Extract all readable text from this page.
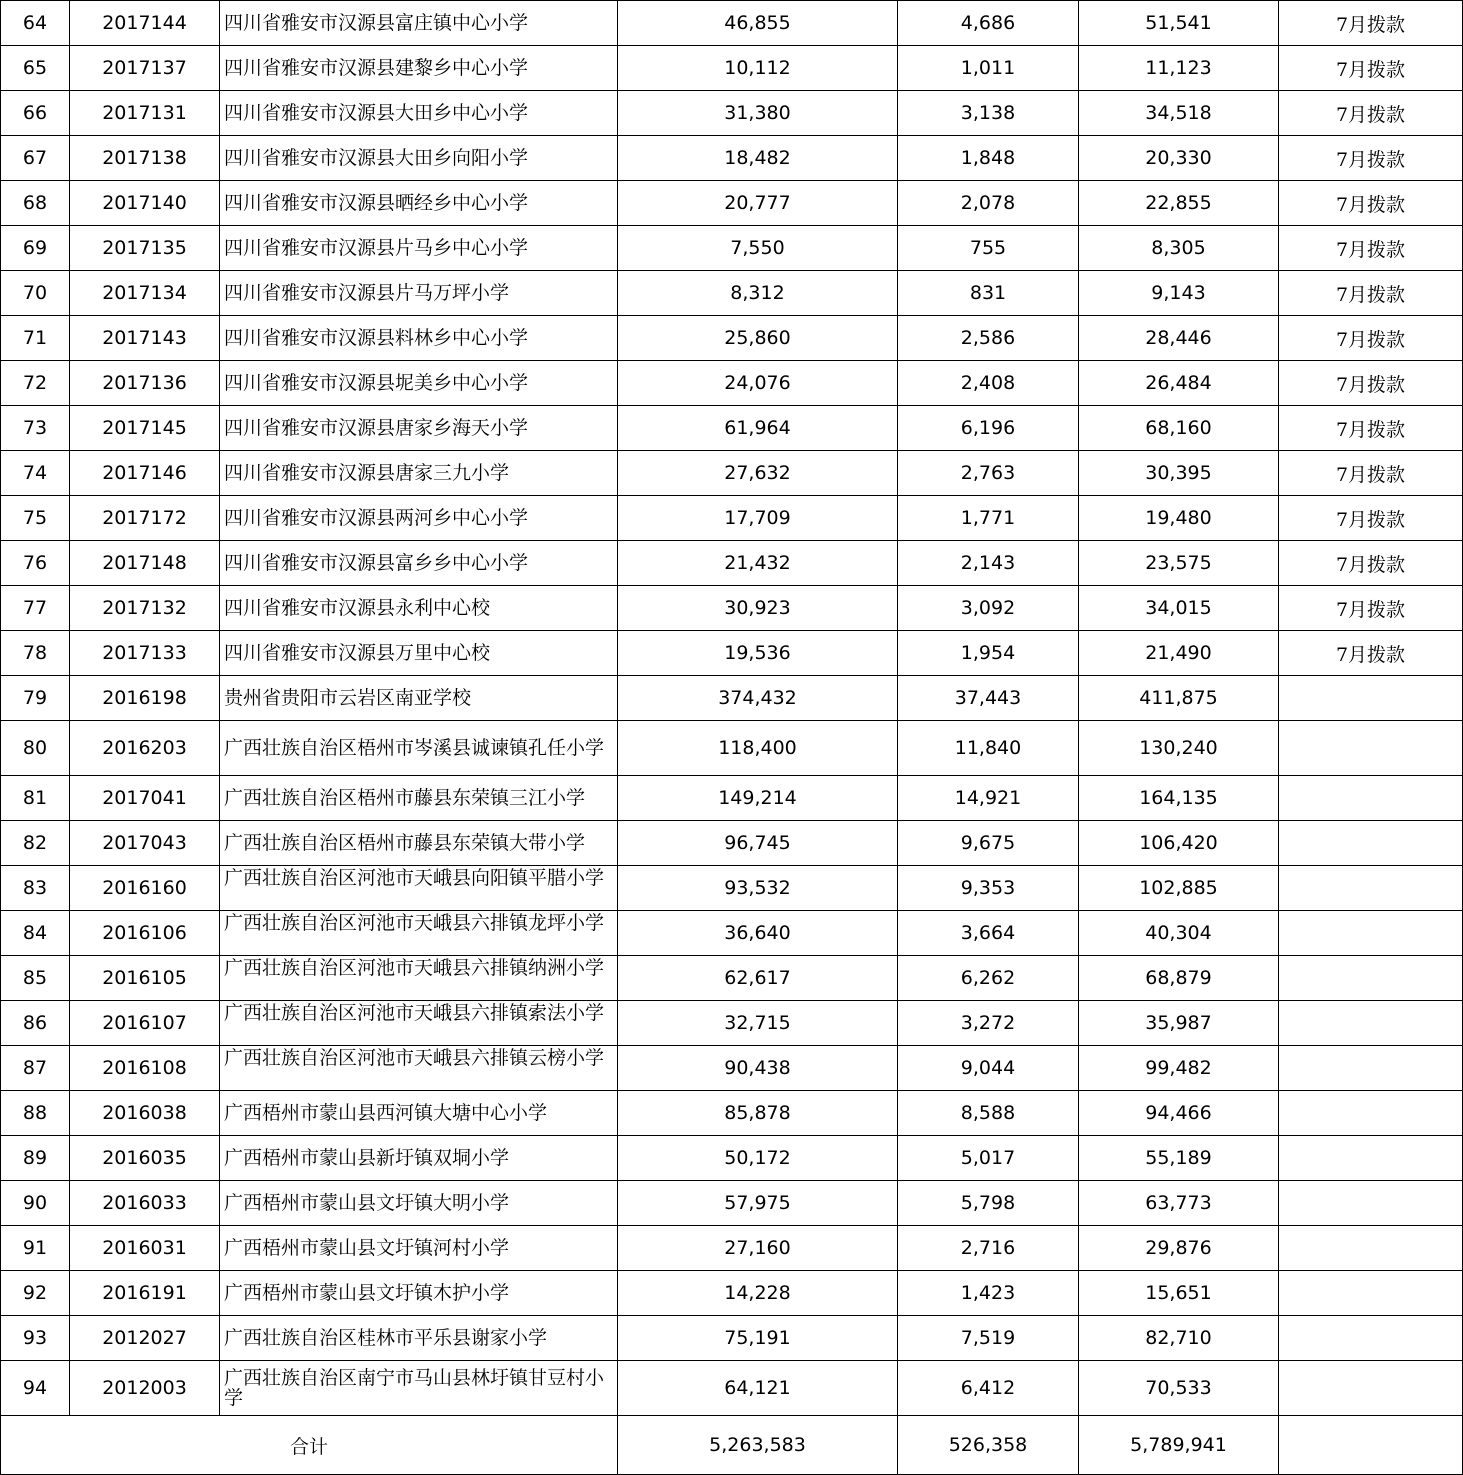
64	2017144	四川省雅安市汉源县富庄镇中心小学	46,855	4,686	51,541	7月拨款
65	2017137	四川省雅安市汉源县建黎乡中心小学	10,112	1,011	11,123	7月拨款
66	2017131	四川省雅安市汉源县大田乡中心小学	31,380	3,138	34,518	7月拨款
67	2017138	四川省雅安市汉源县大田乡向阳小学	18,482	1,848	20,330	7月拨款
68	2017140	四川省雅安市汉源县晒经乡中心小学	20,777	2,078	22,855	7月拨款
69	2017135	四川省雅安市汉源县片马乡中心小学	7,550	755	8,305	7月拨款
70	2017134	四川省雅安市汉源县片马万坪小学	8,312	831	9,143	7月拨款
71	2017143	四川省雅安市汉源县料林乡中心小学	25,860	2,586	28,446	7月拨款
72	2017136	四川省雅安市汉源县坭美乡中心小学	24,076	2,408	26,484	7月拨款
73	2017145	四川省雅安市汉源县唐家乡海天小学	61,964	6,196	68,160	7月拨款
74	2017146	四川省雅安市汉源县唐家三九小学	27,632	2,763	30,395	7月拨款
75	2017172	四川省雅安市汉源县两河乡中心小学	17,709	1,771	19,480	7月拨款
76	2017148	四川省雅安市汉源县富乡乡中心小学	21,432	2,143	23,575	7月拨款
77	2017132	四川省雅安市汉源县永利中心校	30,923	3,092	34,015	7月拨款
78	2017133	四川省雅安市汉源县万里中心校	19,536	1,954	21,490	7月拨款
79	2016198	贵州省贵阳市云岩区南亚学校	374,432	37,443	411,875	
80	2016203	广西壮族自治区梧州市岑溪县诚谏镇孔任小学	118,400	11,840	130,240	
81	2017041	广西壮族自治区梧州市藤县东荣镇三江小学	149,214	14,921	164,135	
82	2017043	广西壮族自治区梧州市藤县东荣镇大带小学	96,745	9,675	106,420	
83	2016160	广西壮族自治区河池市天峨县向阳镇平腊小学	93,532	9,353	102,885	
84	2016106	广西壮族自治区河池市天峨县六排镇龙坪小学	36,640	3,664	40,304	
85	2016105	广西壮族自治区河池市天峨县六排镇纳洲小学	62,617	6,262	68,879	
86	2016107	广西壮族自治区河池市天峨县六排镇索法小学	32,715	3,272	35,987	
87	2016108	广西壮族自治区河池市天峨县六排镇云榜小学	90,438	9,044	99,482	
88	2016038	广西梧州市蒙山县西河镇大塘中心小学	85,878	8,588	94,466	
89	2016035	广西梧州市蒙山县新圩镇双垌小学	50,172	5,017	55,189	
90	2016033	广西梧州市蒙山县文圩镇大明小学	57,975	5,798	63,773	
91	2016031	广西梧州市蒙山县文圩镇河村小学	27,160	2,716	29,876	
92	2016191	广西梧州市蒙山县文圩镇木护小学	14,228	1,423	15,651	
93	2012027	广西壮族自治区桂林市平乐县谢家小学	75,191	7,519	82,710	
94	2012003	广西壮族自治区南宁市马山县林圩镇甘豆村小学	64,121	6,412	70,533	
合计			5,263,583	526,358	5,789,941	
